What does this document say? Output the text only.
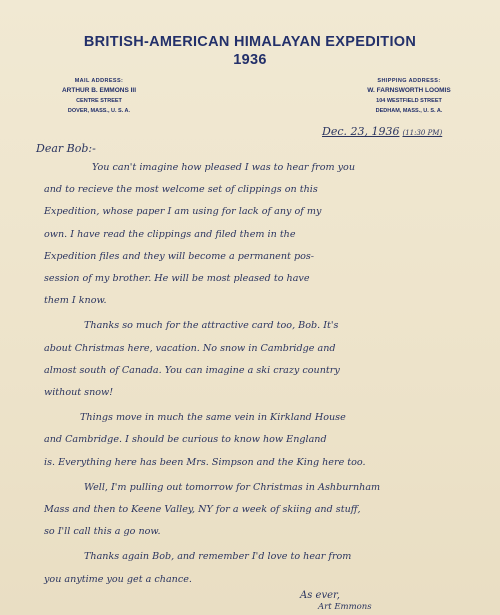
BRITISH-AMERICAN HIMALAYAN EXPEDITION
1936
MAIL ADDRESS:
ARTHUR B. EMMONS III
CENTRE STREET
DOVER, MASS., U. S. A.
SHIPPING ADDRESS:
W. FARNSWORTH LOOMIS
104 WESTFIELD STREET
DEDHAM, MASS., U. S. A.
Dec. 23, 1936 (11:30 PM)
Dear Bob:-
You can't imagine how pleased I was to hear from you
and to recieve the most welcome set of clippings on this
Expedition, whose paper I am using for lack of any of my
own. I have read the clippings and filed them in the
Expedition files and they will become a permanent pos-
session of my brother. He will be most pleased to have
them I know.
Thanks so much for the attractive card too, Bob. It's
about Christmas here, vacation. No snow in Cambridge and
almost south of Canada. You can imagine a ski crazy country
without snow!
Things move in much the same vein in Kirkland House
and Cambridge. I should be curious to know how England
is. Everything here has been Mrs. Simpson and the King here too.
Well, I'm pulling out tomorrow for Christmas in Ashburnham
Mass and then to Keene Valley, NY for a week of skiing and stuff,
so I'll call this a go now.
As ever,
Art Emmons
Thanks again Bob, and remember I'd love to hear from
you anytime you get a chance.
